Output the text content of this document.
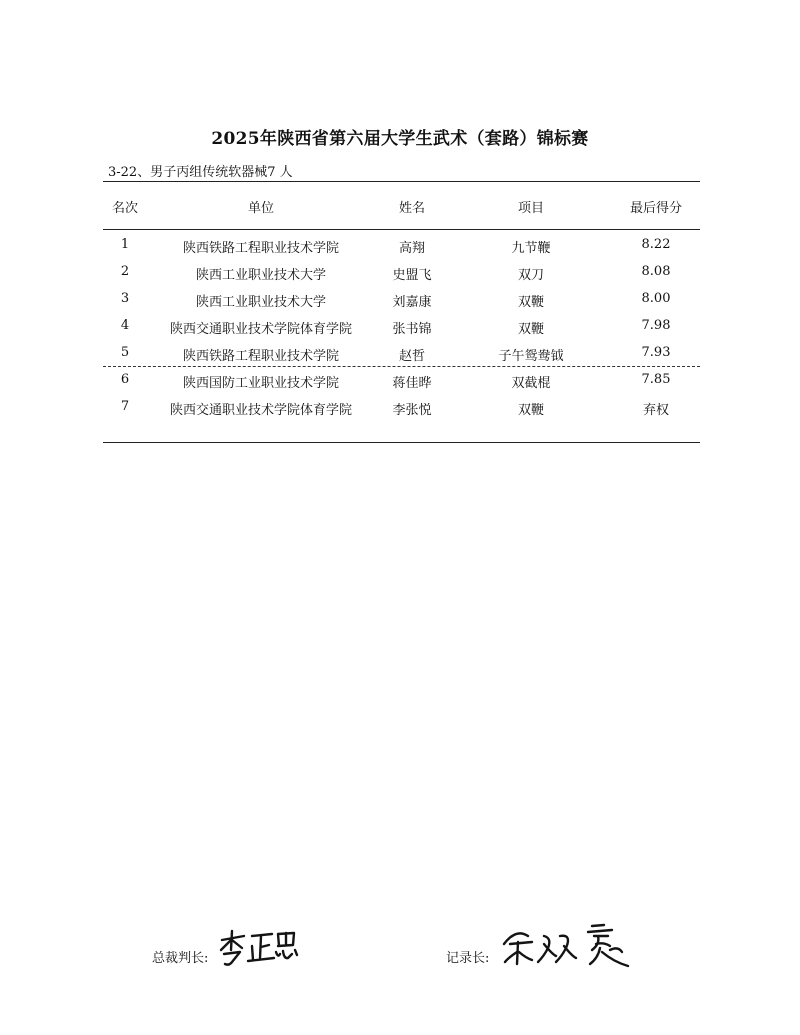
2025年陕西省第六届大学生武术（套路）锦标赛
3-22、男子丙组传统软器械7 人
名次	单位	姓名	项目	最后得分
1	陕西铁路工程职业技术学院	高翔	九节鞭	8.22
2	陕西工业职业技术大学	史盟飞	双刀	8.08
3	陕西工业职业技术大学	刘嘉康	双鞭	8.00
4	陕西交通职业技术学院体育学院	张书锦	双鞭	7.98
5	陕西铁路工程职业技术学院	赵哲	子午鸳鸯钺	7.93
6	陕西国防工业职业技术学院	蒋佳晔	双截棍	7.85
7	陕西交通职业技术学院体育学院	李张悦	双鞭	弃权
总裁判长:	记录长:
